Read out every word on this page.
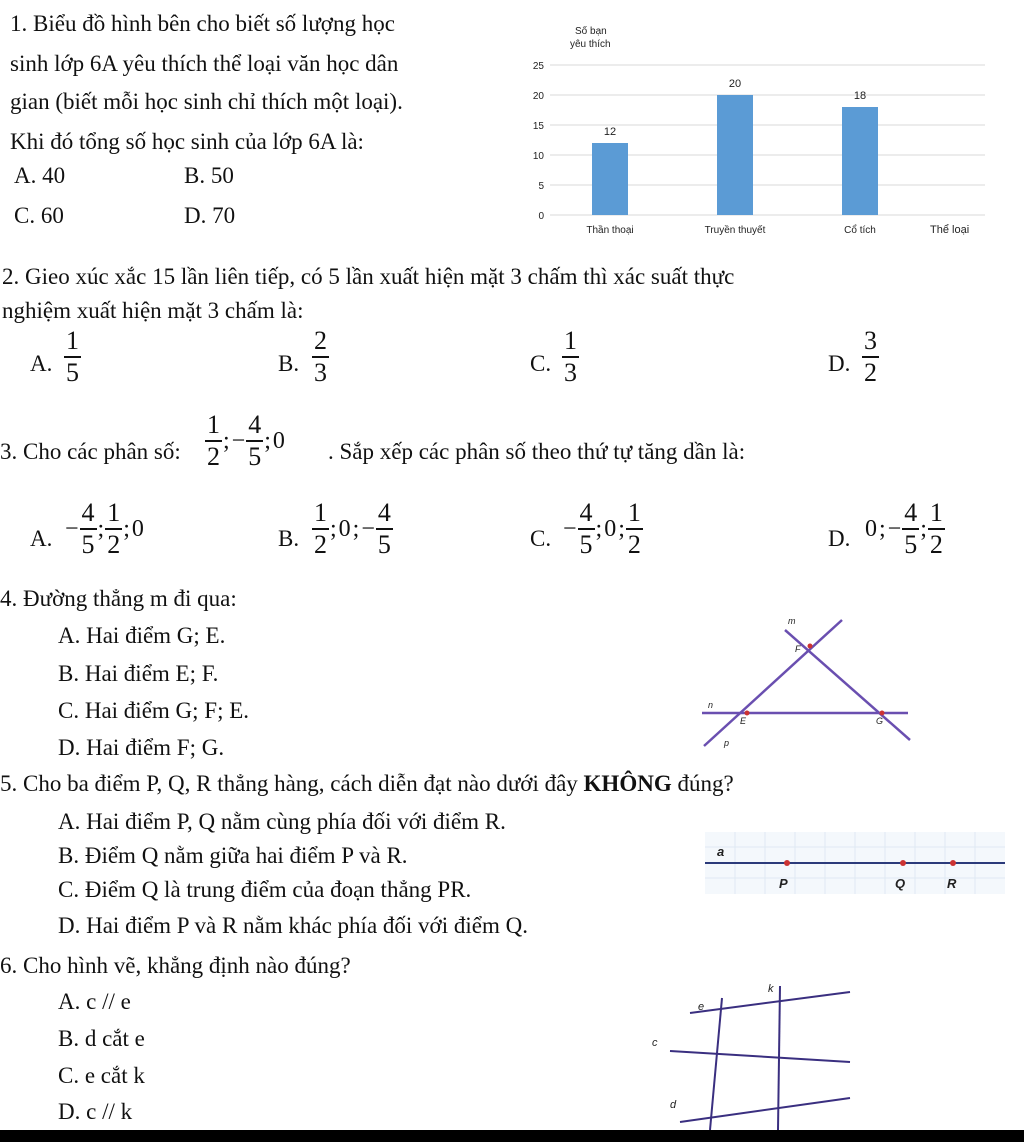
1. Biểu đồ hình bên cho biết số lượng học
sinh lớp 6A yêu thích thể loại văn học dân
gian (biết mỗi học sinh chỉ thích một loại).
Khi đó tổng số học sinh của lớp 6A là:
A. 40	B. 50
C. 60	D. 70
Số bạn
yêu thích
Thể loại
0
5
10
15
20
25
12
Thần thoại
20
Truyền thuyết
18
Cổ tích
2. Gieo xúc xắc 15 lần liên tiếp, có 5 lần xuất hiện mặt 3 chấm thì xác suất thực
nghiệm xuất hiện mặt 3 chấm là:
A.
1
5	B.
2
3	C.
1
3	D.
3
2
3. Cho các phân số: $\frac{1}{2}$ ; − $\frac{4}{5}$ ; 0 . Sắp xếp các phân số theo thứ tự tăng dần là:
A. − $\frac{4}{5}$ ; $\frac{1}{2}$ ; 0	B. $\frac{1}{2}$ ; 0 ; − $\frac{4}{5}$	C. − $\frac{4}{5}$ ; 0 ; $\frac{1}{2}$	D. 0 ; − $\frac{4}{5}$ ; $\frac{1}{2}$
4. Đường thẳng m đi qua:
A. Hai điểm G; E.
B. Hai điểm E; F.
C. Hai điểm G; F; E.
D. Hai điểm F; G.
m
F
n
E	G
p
5. Cho ba điểm P, Q, R thẳng hàng, cách diễn đạt nào dưới đây KHÔNG đúng?
A. Hai điểm P, Q nằm cùng phía đối với điểm R.
B. Điểm Q nằm giữa hai điểm P và R.
C. Điểm Q là trung điểm của đoạn thẳng PR.
D. Hai điểm P và R nằm khác phía đối với điểm Q.
a
P	Q	R
6. Cho hình vẽ, khẳng định nào đúng?
A. c // e
B. d cắt e
C. e cắt k
D. c // k
k
e
c
d
